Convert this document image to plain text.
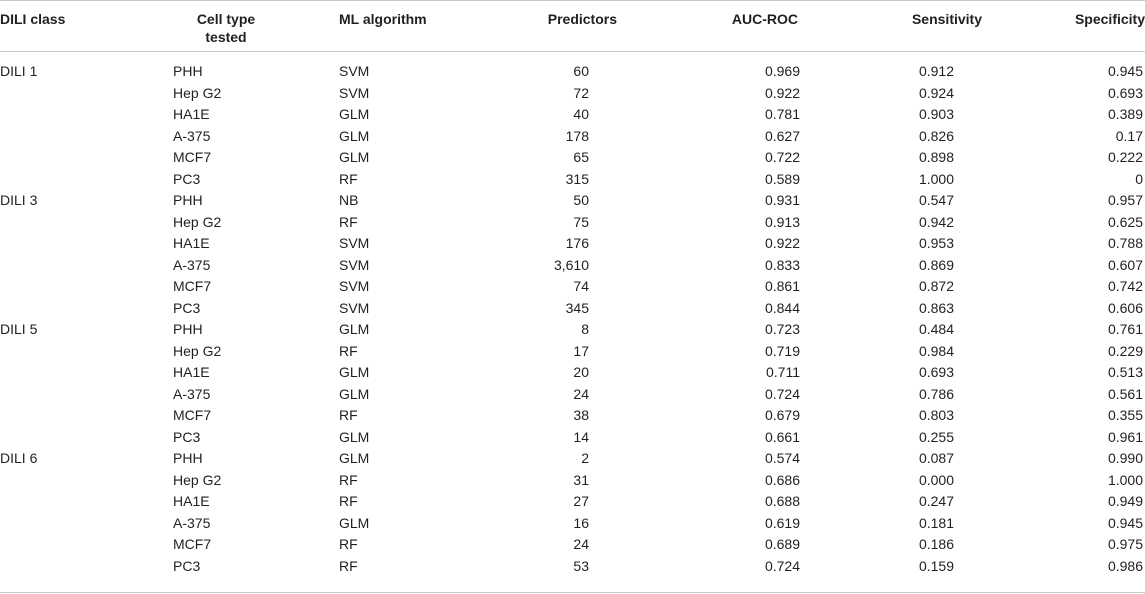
DILI class	Cell type
tested	ML algorithm	Predictors	AUC-ROC	Sensitivity	Specificity
DILI 1	PHH	SVM	60	0.969	0.912	0.945
	Hep G2	SVM	72	0.922	0.924	0.693
	HA1E	GLM	40	0.781	0.903	0.389
	A-375	GLM	178	0.627	0.826	0.17
	MCF7	GLM	65	0.722	0.898	0.222
	PC3	RF	315	0.589	1.000	0
DILI 3	PHH	NB	50	0.931	0.547	0.957
	Hep G2	RF	75	0.913	0.942	0.625
	HA1E	SVM	176	0.922	0.953	0.788
	A-375	SVM	3,610	0.833	0.869	0.607
	MCF7	SVM	74	0.861	0.872	0.742
	PC3	SVM	345	0.844	0.863	0.606
DILI 5	PHH	GLM	8	0.723	0.484	0.761
	Hep G2	RF	17	0.719	0.984	0.229
	HA1E	GLM	20	0.711	0.693	0.513
	A-375	GLM	24	0.724	0.786	0.561
	MCF7	RF	38	0.679	0.803	0.355
	PC3	GLM	14	0.661	0.255	0.961
DILI 6	PHH	GLM	2	0.574	0.087	0.990
	Hep G2	RF	31	0.686	0.000	1.000
	HA1E	RF	27	0.688	0.247	0.949
	A-375	GLM	16	0.619	0.181	0.945
	MCF7	RF	24	0.689	0.186	0.975
	PC3	RF	53	0.724	0.159	0.986
